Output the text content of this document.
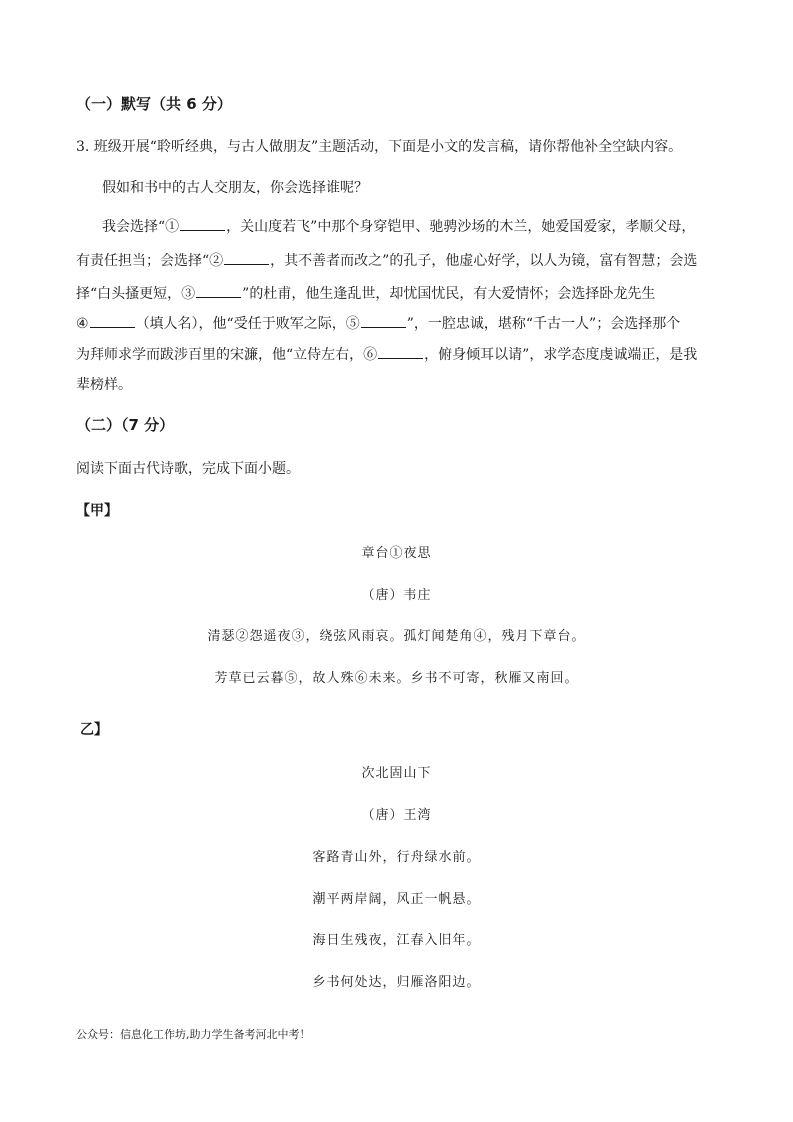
（一）默写（共 6 分）
3. 班级开展“聆听经典，与古人做朋友”主题活动，下面是小文的发言稿，请你帮他补全空缺内容。
假如和书中的古人交朋友，你会选择谁呢？
我会选择“①	，关山度若飞”中那个身穿铠甲、驰骋沙场的木兰，她爱国爱家，孝顺父母，
有责任担当；会选择“②	，其不善者而改之”的孔子，他虚心好学，以人为镜，富有智慧；会选
择“白头搔更短，③	”的杜甫，他生逢乱世，却忧国忧民，有大爱情怀；会选择卧龙先生
④	（填人名），他“受任于败军之际，⑤	”，一腔忠诚，堪称“千古一人”；会选择那个
为拜师求学而跋涉百里的宋濂，他“立侍左右，⑥	，俯身倾耳以请”，求学态度虔诚端正，是我
辈榜样。
（二）（7 分）
阅读下面古代诗歌，完成下面小题。
【甲】
章台①夜思
（唐）韦庄
清瑟②怨遥夜③，绕弦风雨哀。孤灯闻楚角④，残月下章台。
芳草已云暮⑤，故人殊⑥未来。乡书不可寄，秋雁又南回。
乙】
次北固山下
（唐）王湾
客路青山外，行舟绿水前。
潮平两岸阔，风正一帆悬。
海日生残夜，江春入旧年。
乡书何处达，归雁洛阳边。
公众号：信息化工作坊,助力学生备考河北中考！
